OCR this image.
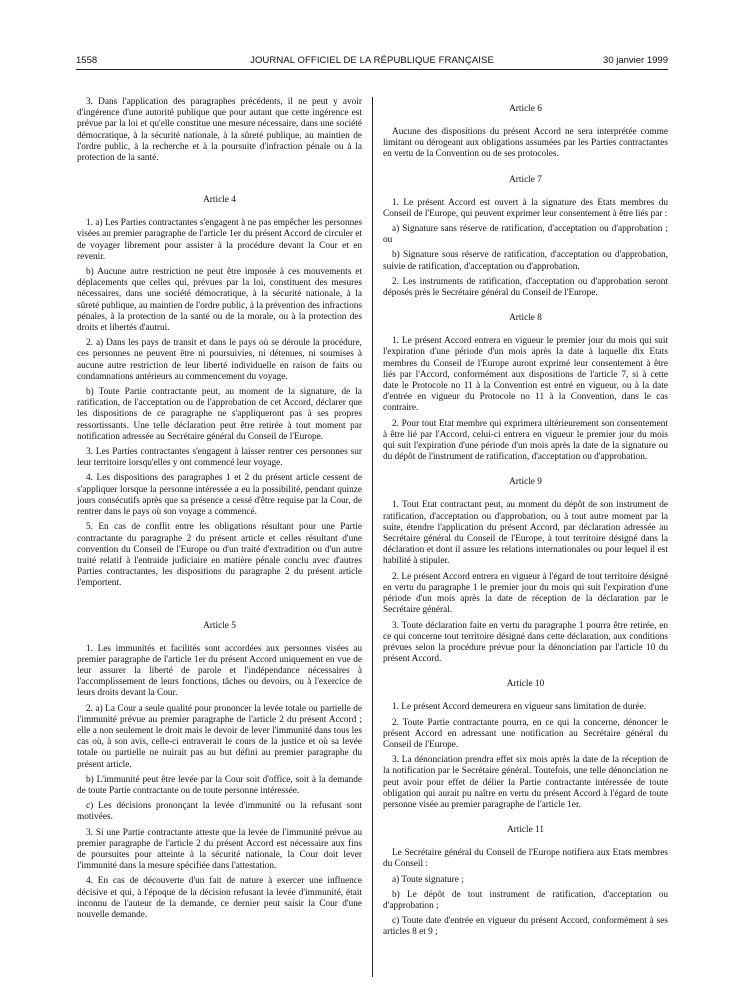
1558	JOURNAL OFFICIEL DE LA RÉPUBLIQUE FRANÇAISE	30 janvier 1999

3. Dans l'application des paragraphes précédents, il ne peut y avoir d'ingérence d'une autorité publique que pour autant que cette ingérence est prévue par la loi et qu'elle constitue une mesure nécessaire, dans une société démocratique, à la sécurité nationale, à la sûreté publique, au maintien de l'ordre public, à la recherche et à la poursuite d'infraction pénale ou à la protection de la santé.

Article 4

1. a) Les Parties contractantes s'engagent à ne pas empêcher les personnes visées au premier paragraphe de l'article 1er du présent Accord de circuler et de voyager librement pour assister à la procédure devant la Cour et en revenir.

b) Aucune autre restriction ne peut être imposée à ces mouvements et déplacements que celles qui, prévues par la loi, constituent des mesures nécessaires, dans une société démocratique, à la sécurité nationale, à la sûreté publique, au maintien de l'ordre public, à la prévention des infractions pénales, à la protection de la santé ou de la morale, ou à la protection des droits et libertés d'autrui.

2. a) Dans les pays de transit et dans le pays où se déroule la procédure, ces personnes ne peuvent être ni poursuivies, ni détenues, ni soumises à aucune autre restriction de leur liberté individuelle en raison de faits ou condamnations antérieurs au commencement du voyage.

b) Toute Partie contractante peut, au moment de la signature, de la ratification, de l'acceptation ou de l'approbation de cet Accord, déclarer que les dispositions de ce paragraphe ne s'appliqueront pas à ses propres ressortissants. Une telle déclaration peut être retirée à tout moment par notification adressée au Secrétaire général du Conseil de l'Europe.

3. Les Parties contractantes s'engagent à laisser rentrer ces personnes sur leur territoire lorsqu'elles y ont commencé leur voyage.

4. Les dispositions des paragraphes 1 et 2 du présent article cessent de s'appliquer lorsque la personne intéressée a eu la possibilité, pendant quinze jours consécutifs après que sa présence a cessé d'être requise par la Cour, de rentrer dans le pays où son voyage a commencé.

5. En cas de conflit entre les obligations résultant pour une Partie contractante du paragraphe 2 du présent article et celles résultant d'une convention du Conseil de l'Europe ou d'un traité d'extradition ou d'un autre traité relatif à l'entraide judiciaire en matière pénale conclu avec d'autres Parties contractantes, les dispositions du paragraphe 2 du présent article l'emportent.

Article 5

1. Les immunités et facilités sont accordées aux personnes visées au premier paragraphe de l'article 1er du présent Accord uniquement en vue de leur assurer la liberté de parole et l'indépendance nécessaires à l'accomplissement de leurs fonctions, tâches ou devoirs, ou à l'exercice de leurs droits devant la Cour.

2. a) La Cour a seule qualité pour prononcer la levée totale ou partielle de l'immunité prévue au premier paragraphe de l'article 2 du présent Accord ; elle a non seulement le droit mais le devoir de lever l'immunité dans tous les cas où, à son avis, celle-ci entraverait le cours de la justice et où sa levée totale ou partielle ne nuirait pas au but défini au premier paragraphe du présent article.

b) L'immunité peut être levée par la Cour soit d'office, soit à la demande de toute Partie contractante ou de toute personne intéressée.

c) Les décisions prononçant la levée d'immunité ou la refusant sont motivées.

3. Si une Partie contractante atteste que la levée de l'immunité prévue au premier paragraphe de l'article 2 du présent Accord est nécessaire aux fins de poursuites pour atteinte à la sécurité nationale, la Cour doit lever l'immunité dans la mesure spécifiée dans l'attestation.

4. En cas de découverte d'un fait de nature à exercer une influence décisive et qui, à l'époque de la décision refusant la levée d'immunité, était inconnu de l'auteur de la demande, ce dernier peut saisir la Cour d'une nouvelle demande.

Article 6

Aucune des dispositions du présent Accord ne sera interprétée comme limitant ou dérogeant aux obligations assumées par les Parties contractantes en vertu de la Convention ou de ses protocoles.

Article 7

1. Le présent Accord est ouvert à la signature des Etats membres du Conseil de l'Europe, qui peuvent exprimer leur consentement à être liés par :

a) Signature sans réserve de ratification, d'acceptation ou d'approbation ; ou

b) Signature sous réserve de ratification, d'acceptation ou d'approbation, suivie de ratification, d'acceptation ou d'approbation.

2. Les instruments de ratification, d'acceptation ou d'approbation seront déposés près le Secrétaire général du Conseil de l'Europe.

Article 8

1. Le présent Accord entrera en vigueur le premier jour du mois qui suit l'expiration d'une période d'un mois après la date à laquelle dix Etats membres du Conseil de l'Europe auront exprimé leur consentement à être liés par l'Accord, conformément aux dispositions de l'article 7, si à cette date le Protocole no 11 à la Convention est entré en vigueur, ou à la date d'entrée en vigueur du Protocole no 11 à la Convention, dans le cas contraire.

2. Pour tout Etat membre qui exprimera ultérieurement son consentement à être lié par l'Accord, celui-ci entrera en vigueur le premier jour du mois qui suit l'expiration d'une période d'un mois après la date de la signature ou du dépôt de l'instrument de ratification, d'acceptation ou d'approbation.

Article 9

1. Tout Etat contractant peut, au moment du dépôt de son instrument de ratification, d'acceptation ou d'approbation, ou à tout autre moment par la suite, étendre l'application du présent Accord, par déclaration adressée au Secrétaire général du Conseil de l'Europe, à tout territoire désigné dans la déclaration et dont il assure les relations internationales ou pour lequel il est habilité à stipuler.

2. Le présent Accord entrera en vigueur à l'égard de tout territoire désigné en vertu du paragraphe 1 le premier jour du mois qui suit l'expiration d'une période d'un mois après la date de réception de la déclaration par le Secrétaire général.

3. Toute déclaration faite en vertu du paragraphe 1 pourra être retirée, en ce qui concerne tout territoire désigné dans cette déclaration, aux conditions prévues selon la procédure prévue pour la dénonciation par l'article 10 du présent Accord.

Article 10

1. Le présent Accord demeurera en vigueur sans limitation de durée.

2. Toute Partie contractante pourra, en ce qui la concerne, dénoncer le présent Accord en adressant une notification au Secrétaire général du Conseil de l'Europe.

3. La dénonciation prendra effet six mois après la date de la réception de la notification par le Secrétaire général. Toutefois, une telle dénonciation ne peut avoir pour effet de délier la Partie contractante intéressée de toute obligation qui aurait pu naître en vertu du présent Accord à l'égard de toute personne visée au premier paragraphe de l'article 1er.

Article 11

Le Secrétaire général du Conseil de l'Europe notifiera aux Etats membres du Conseil :

a) Toute signature ;

b) Le dépôt de tout instrument de ratification, d'acceptation ou d'approbation ;

c) Toute date d'entrée en vigueur du présent Accord, conformément à ses articles 8 et 9 ;
